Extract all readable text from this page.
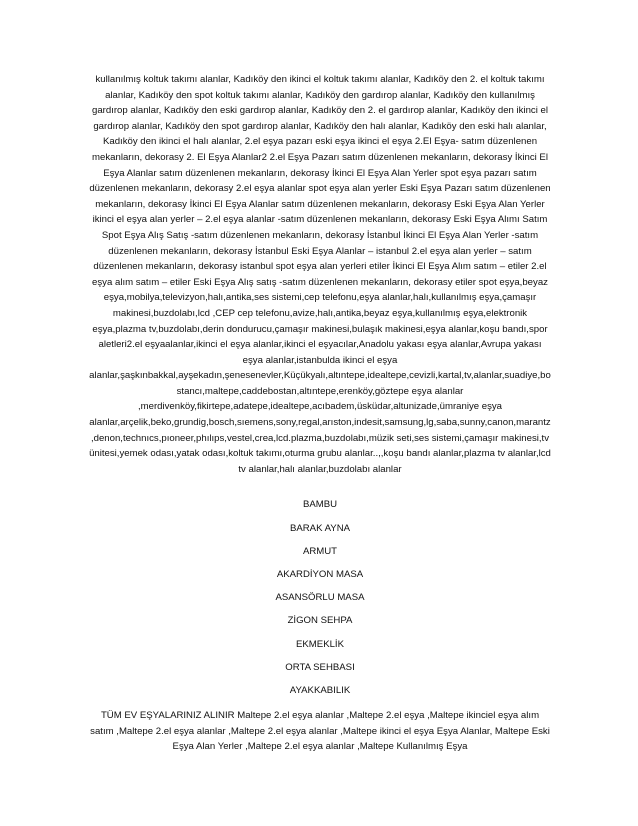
kullanılmış koltuk takımı alanlar, Kadıköy den ikinci el koltuk takımı alanlar, Kadıköy den 2. el koltuk takımı alanlar, Kadıköy den spot koltuk takımı alanlar, Kadıköy den gardırop alanlar, Kadıköy den kullanılmış gardırop alanlar, Kadıköy den eski gardırop alanlar, Kadıköy den 2. el gardırop alanlar, Kadıköy den ikinci el gardırop alanlar, Kadıköy den spot gardırop alanlar, Kadıköy den halı alanlar, Kadıköy den eski halı alanlar, Kadıköy den ikinci el halı alanlar, 2.el eşya pazarı eski eşya ikinci el eşya 2.El Eşya- satım düzenlenen mekanların, dekorasy 2. El Eşya Alanlar2 2.el Eşya Pazarı satım düzenlenen mekanların, dekorasy İkinci El Eşya Alanlar satım düzenlenen mekanların, dekorasy İkinci El Eşya Alan Yerler spot eşya pazarı satım düzenlenen mekanların, dekorasy 2.el eşya alanlar spot eşya alan yerler Eski Eşya Pazarı satım düzenlenen mekanların, dekorasy İkinci El Eşya Alanlar satım düzenlenen mekanların, dekorasy Eski Eşya Alan Yerler ikinci el eşya alan yerler – 2.el eşya alanlar -satım düzenlenen mekanların, dekorasy Eski Eşya Alımı Satım Spot Eşya Alış Satış -satım düzenlenen mekanların, dekorasy İstanbul İkinci El Eşya Alan Yerler -satım düzenlenen mekanların, dekorasy İstanbul Eski Eşya Alanlar – istanbul 2.el eşya alan yerler – satım düzenlenen mekanların, dekorasy istanbul spot eşya alan yerleri etiler İkinci El Eşya Alım satım – etiler 2.el eşya alım satım – etiler Eski Eşya Alış satış -satım düzenlenen mekanların, dekorasy etiler spot eşya,beyaz eşya,mobilya,televizyon,halı,antika,ses sistemi,cep telefonu,eşya alanlar,halı,kullanılmış eşya,çamaşır makinesi,buzdolabı,lcd ,CEP cep telefonu,avize,halı,antika,beyaz eşya,kullanılmış eşya,elektronik eşya,plazma tv,buzdolabı,derin dondurucu,çamaşır makinesi,bulaşık makinesi,eşya alanlar,koşu bandı,spor aletleri2.el eşyaalanlar,ikinci el eşya alanlar,ikinci el eşyacılar,Anadolu yakası eşya alanlar,Avrupa yakası eşya alanlar,istanbulda ikinci el eşya alanlar,şaşkınbakkal,ayşekadın,şenesenevler,Küçükyalı,altıntepe,idealtepe,cevizli,kartal,tv,alanlar,suadiye,bostancı,maltepe,caddebostan,altıntepe,erenköy,göztepe eşya alanlar ,merdivenköy,fikirtepe,adatepe,idealtepe,acıbadem,üsküdar,altunizade,ümraniye eşya alanlar,arçelik,beko,grundig,bosch,sıemens,sony,regal,arıston,indesit,samsung,lg,saba,sunny,canon,marantz,denon,technıcs,pıoneer,phılıps,vestel,crea,lcd.plazma,buzdolabı,müzik seti,ses sistemi,çamaşır makinesi,tv ünitesi,yemek odası,yatak odası,koltuk takımı,oturma grubu alanlar..,,koşu bandı alanlar,plazma tv alanlar,lcd tv alanlar,halı alanlar,buzdolabı alanlar

BAMBU

BARAK AYNA

ARMUT

AKARDİYON MASA

ASANSÖRLU MASA

ZİGON SEHPA

EKMEKLİK

ORTA SEHBASI

AYAKKABILIK

TÜM EV EŞYALARINIZ ALINIR Maltepe 2.el eşya alanlar ,Maltepe 2.el eşya ,Maltepe ikinciel eşya alım satım ,Maltepe 2.el eşya alanlar ,Maltepe 2.el eşya alanlar ,Maltepe ikinci el eşya Eşya Alanlar, Maltepe Eski Eşya Alan Yerler ,Maltepe 2.el eşya alanlar ,Maltepe Kullanılmış Eşya
